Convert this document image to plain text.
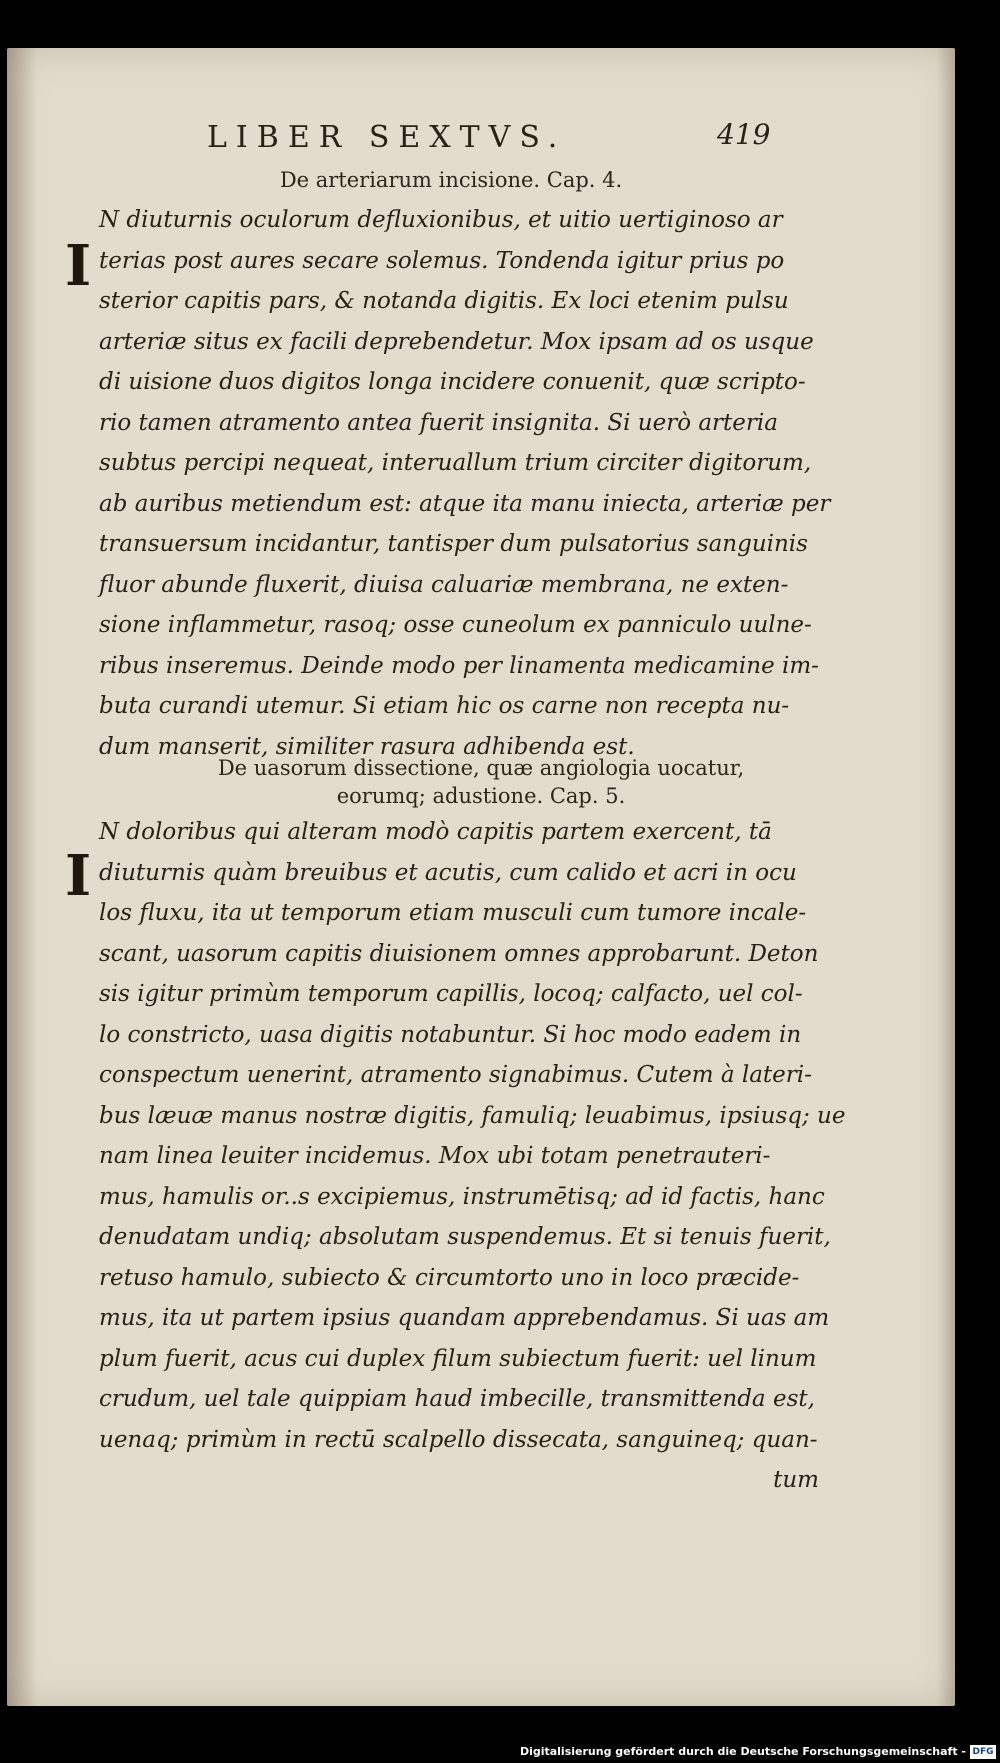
LIBER SEXTVS.	419
De arteriarum incisione. Cap. 4.
I

N diuturnis oculorum defluxionibus, et uitio uertiginoso ar
terias post aures secare solemus. Tondenda igitur prius po
sterior capitis pars, & notanda digitis. Ex loci etenim pulsu
arteriæ situs ex facili deprebendetur. Mox ipsam ad os usque
di uisione duos digitos longa incidere conuenit, quæ scripto-
rio tamen atramento antea fuerit insignita. Si uerò arteria
subtus percipi nequeat, interuallum trium circiter digitorum,
ab auribus metiendum est: atque ita manu iniecta, arteriæ per
transuersum incidantur, tantisper dum pulsatorius sanguinis
fluor abunde fluxerit, diuisa caluariæ membrana, ne exten-
sione inflammetur, rasoq; osse cuneolum ex panniculo uulne-
ribus inseremus. Deinde modo per linamenta medicamine im-
buta curandi utemur. Si etiam hic os carne non recepta nu-
dum manserit, similiter rasura adhibenda est.

De uasorum dissectione, quæ angiologia uocatur,
eorumq; adustione. Cap. 5.
I

N doloribus qui alteram modò capitis partem exercent, tā
diuturnis quàm breuibus et acutis, cum calido et acri in ocu
los fluxu, ita ut temporum etiam musculi cum tumore incale-
scant, uasorum capitis diuisionem omnes approbarunt. Deton
sis igitur primùm temporum capillis, locoq; calfacto, uel col-
lo constricto, uasa digitis notabuntur. Si hoc modo eadem in
conspectum uenerint, atramento signabimus. Cutem à lateri-
bus læuæ manus nostræ digitis, famuliq; leuabimus, ipsiusq; ue
nam linea leuiter incidemus. Mox ubi totam penetrauteri-
mus, hamulis or..s excipiemus, instrumētisq; ad id factis, hanc
denudatam undiq; absolutam suspendemus. Et si tenuis fuerit,
retuso hamulo, subiecto & circumtorto uno in loco præcide-
mus, ita ut partem ipsius quandam apprebendamus. Si uas am
plum fuerit, acus cui duplex filum subiectum fuerit: uel linum
crudum, uel tale quippiam haud imbecille, transmittenda est,
uenaq; primùm in rectū scalpello dissecata, sanguineq; quan-
tum

Digitalisierung gefördert durch die Deutsche Forschungsgemeinschaft - DFG
